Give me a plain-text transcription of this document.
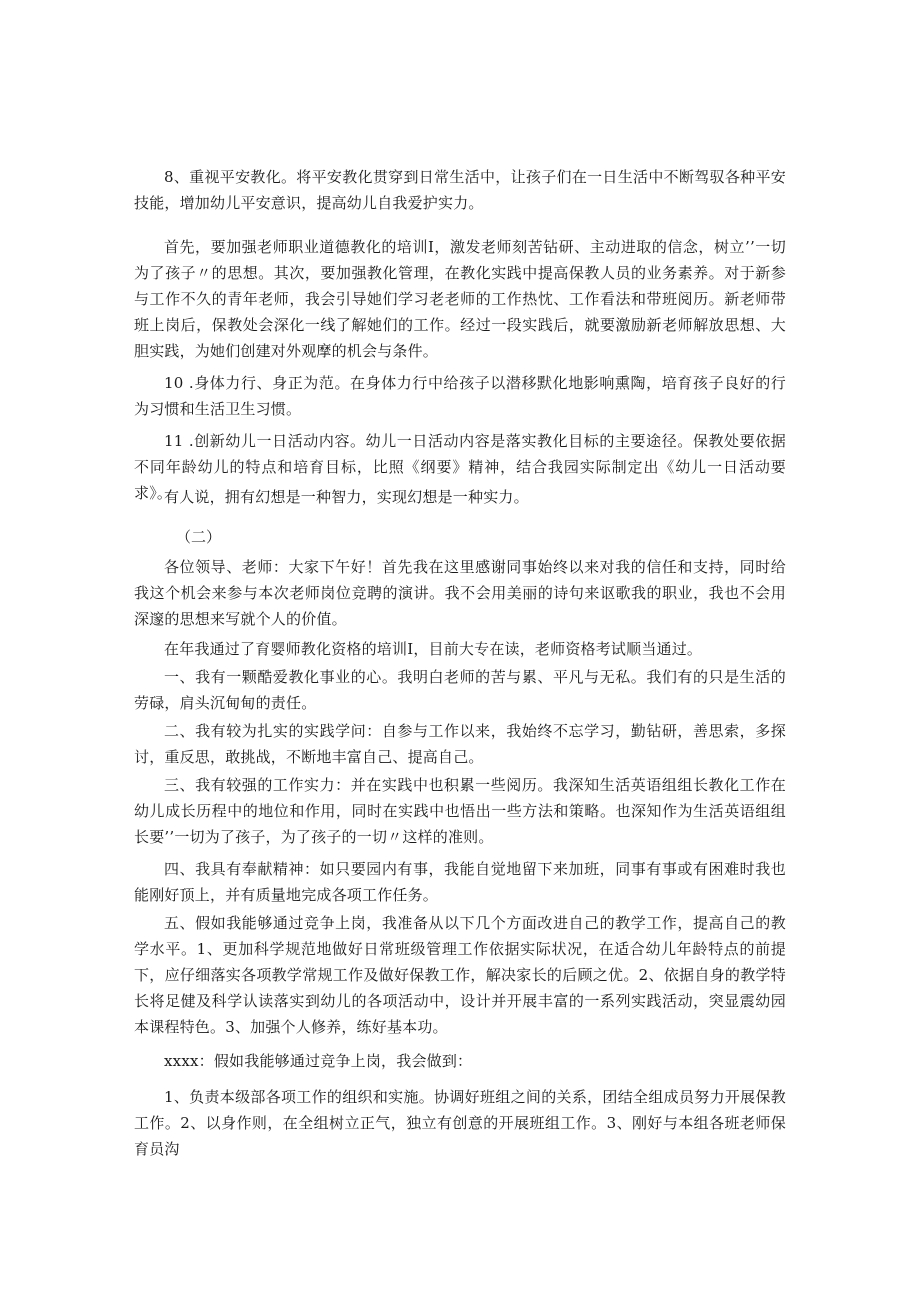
8、重视平安教化。将平安教化贯穿到日常生活中，让孩子们在一日生活中不断驾驭各种平安技能，增加幼儿平安意识，提高幼儿自我爱护实力。

首先，要加强老师职业道德教化的培训I，激发老师刻苦钻研、主动进取的信念，树立’’一切为了孩子〃的思想。其次，要加强教化管理，在教化实践中提高保教人员的业务素养。对于新参与工作不久的青年老师，我会引导她们学习老老师的工作热忱、工作看法和带班阅历。新老师带班上岗后，保教处会深化一线了解她们的工作。经过一段实践后，就要激励新老师解放思想、大胆实践，为她们创建对外观摩的机会与条件。

10 .身体力行、身正为范。在身体力行中给孩子以潜移默化地影响熏陶，培育孩子良好的行为习惯和生活卫生习惯。

11 .创新幼儿一日活动内容。幼儿一日活动内容是落实教化目标的主要途径。保教处要依据不同年龄幼儿的特点和培育目标，比照《纲要》精神，结合我园实际制定出《幼儿一日活动要求》。

有人说，拥有幻想是一种智力，实现幻想是一种实力。

（二）

各位领导、老师：大家下午好！首先我在这里感谢同事始终以来对我的信任和支持，同时给我这个机会来参与本次老师岗位竞聘的演讲。我不会用美丽的诗句来讴歌我的职业，我也不会用深邃的思想来写就个人的价值。

在年我通过了育婴师教化资格的培训I，目前大专在读，老师资格考试顺当通过。

一、我有一颗酷爱教化事业的心。我明白老师的苦与累、平凡与无私。我们有的只是生活的劳碌，肩头沉甸甸的责任。

二、我有较为扎实的实践学问：自参与工作以来，我始终不忘学习，勤钻研，善思索，多探讨，重反思，敢挑战，不断地丰富自己、提高自己。

三、我有较强的工作实力：并在实践中也积累一些阅历。我深知生活英语组组长教化工作在幼儿成长历程中的地位和作用，同时在实践中也悟出一些方法和策略。也深知作为生活英语组组长要’’一切为了孩子，为了孩子的一切〃这样的准则。

四、我具有奉献精神：如只要园内有事，我能自觉地留下来加班，同事有事或有困难时我也能刚好顶上，并有质量地完成各项工作任务。

五、假如我能够通过竞争上岗，我准备从以下几个方面改进自己的教学工作，提高自己的教学水平。1、更加科学规范地做好日常班级管理工作依据实际状况，在适合幼儿年龄特点的前提下，应仔细落实各项教学常规工作及做好保教工作，解决家长的后顾之优。2、依据自身的教学特长将足健及科学认读落实到幼儿的各项活动中，设计并开展丰富的一系列实践活动，突显震幼园本课程特色。3、加强个人修养，练好基本功。

xxxx：假如我能够通过竞争上岗，我会做到：

1、负责本级部各项工作的组织和实施。协调好班组之间的关系，团结全组成员努力开展保教工作。2、以身作则，在全组树立正气，独立有创意的开展班组工作。3、刚好与本组各班老师保育员沟
